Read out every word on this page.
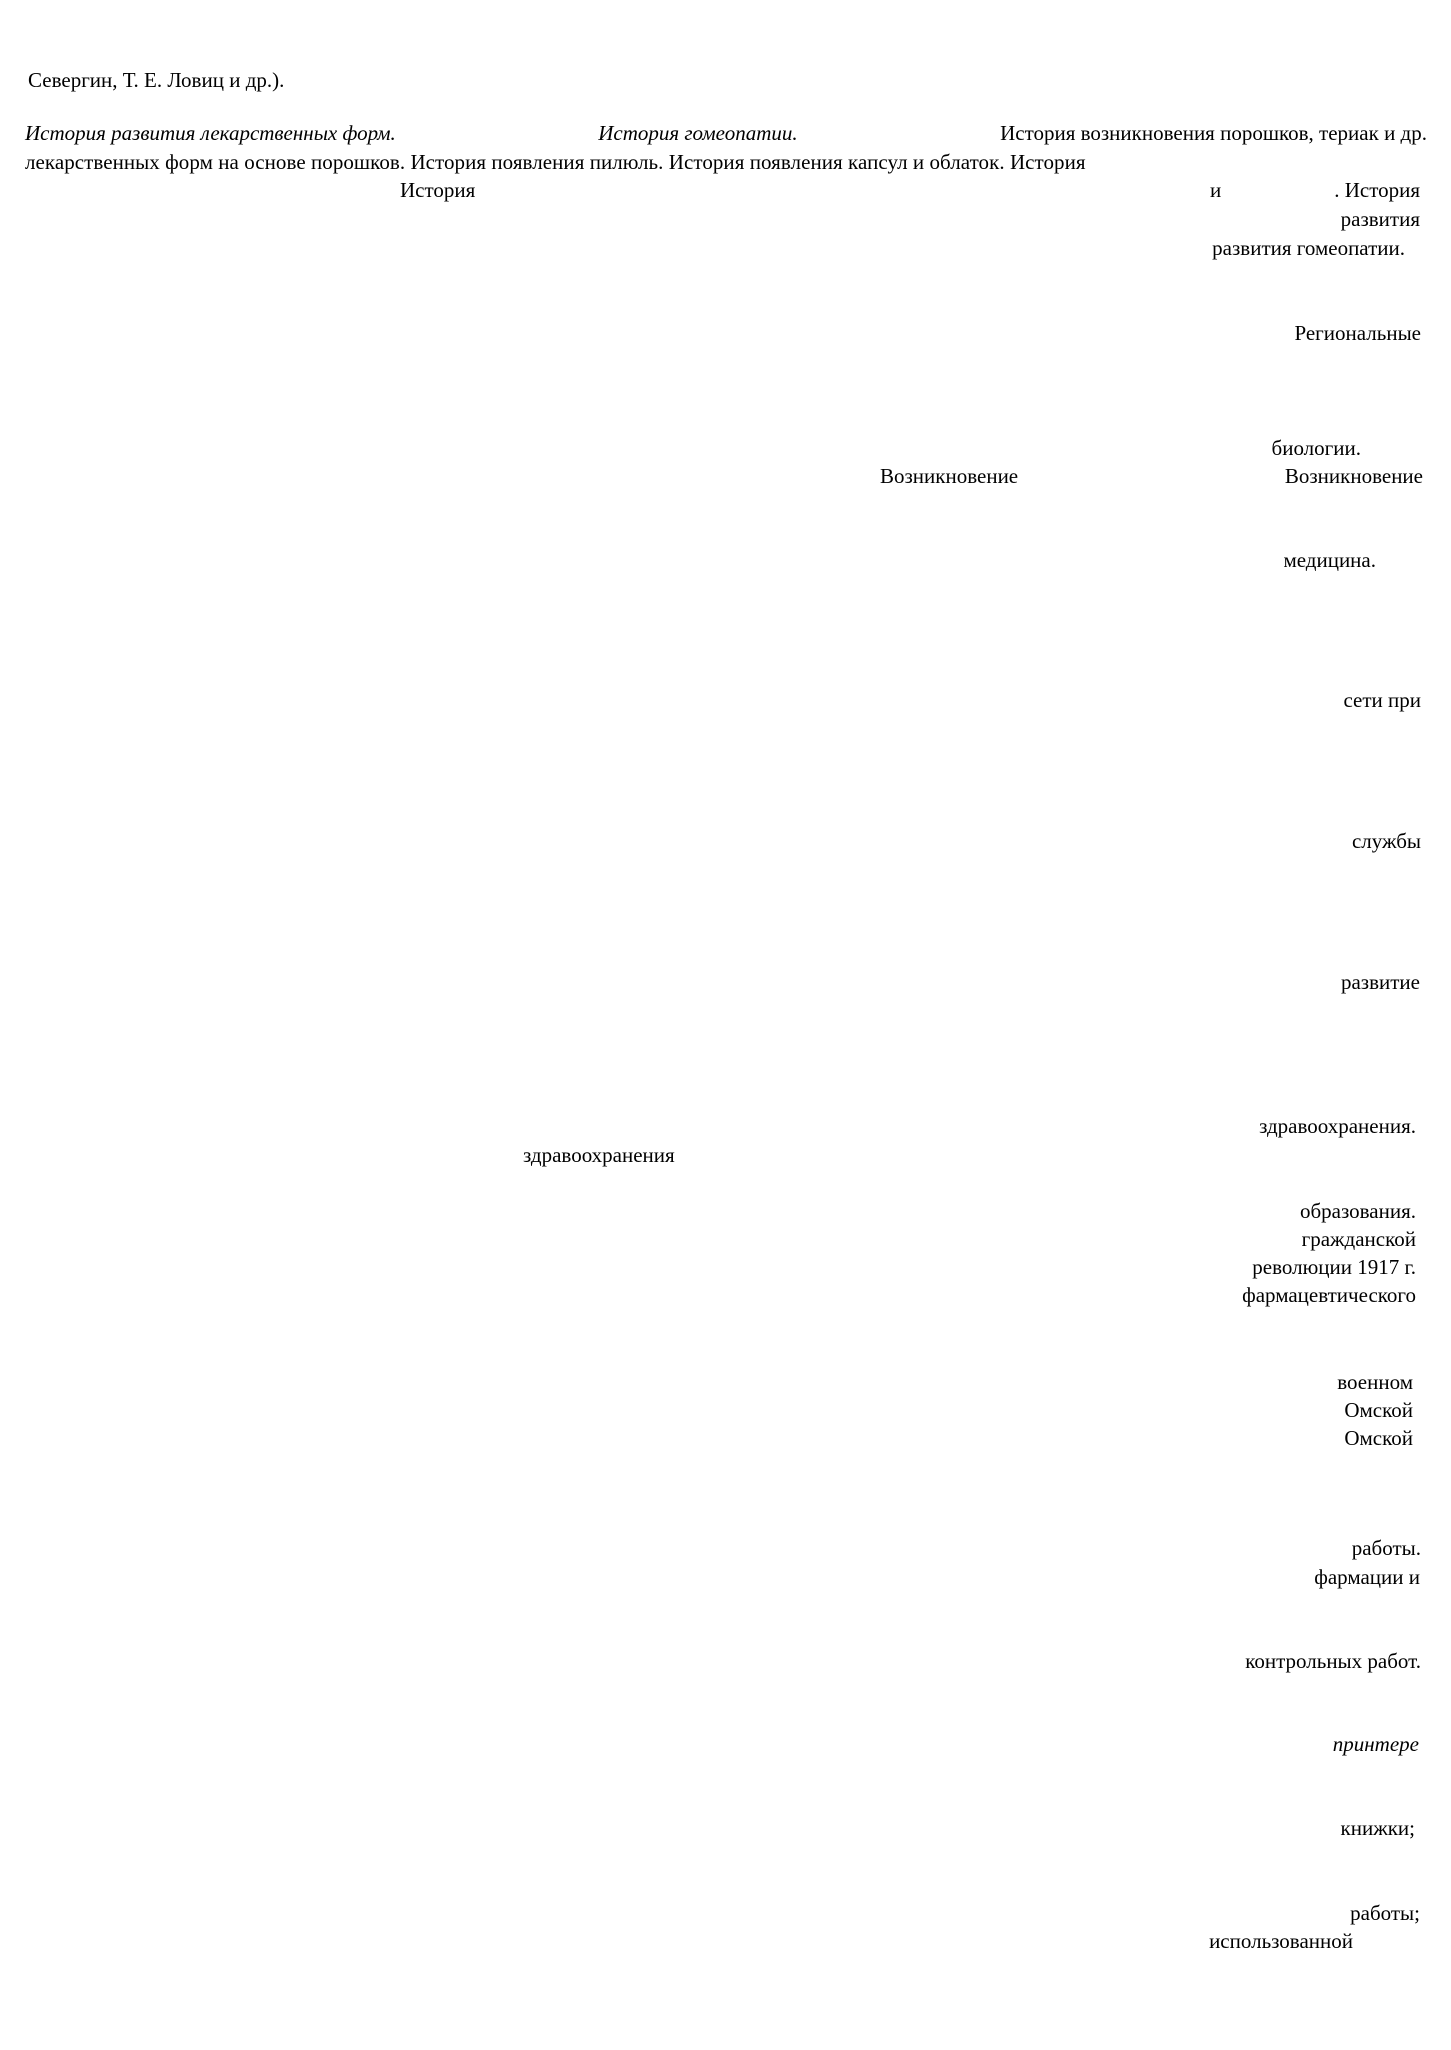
Севергин, Т. Е. Ловиц и др.).
История развития лекарственных форм.	История гомеопатии.	История возникновения порошков, териак и др.
лекарственных форм на основе порошков. История появления пилюль. История появления капсул и облаток. История
История	и	. История
развития
развития гомеопатии.
Региональные
биологии.
Возникновение	Возникновение
медицина.
сети при
службы
развитие
здравоохранения.
здравоохранения
образования.
гражданской
революции 1917 г.
фармацевтического
военном
Омской
Омской
работы.
фармации и
контрольных работ.
принтере
книжки;
работы;
использованной
